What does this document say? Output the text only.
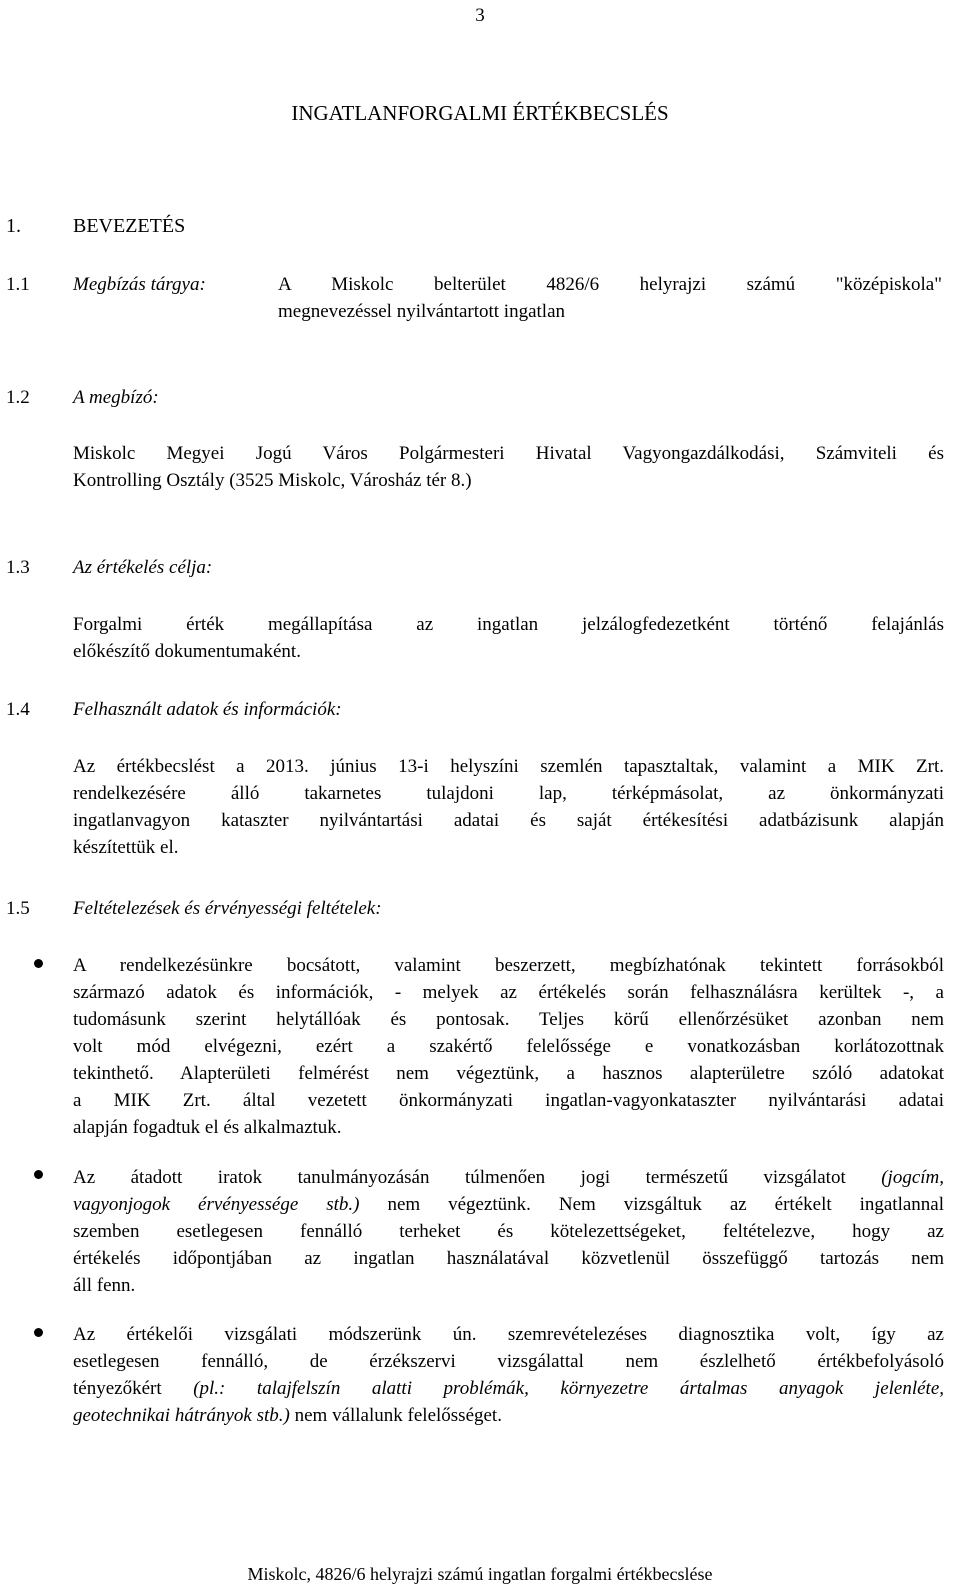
3
INGATLANFORGALMI ÉRTÉKBECSLÉS
1.	BEVEZETÉS
1.1 Megbízás tárgya:	A Miskolc belterület 4826/6 helyrajzi számú "középiskola"
megnevezéssel nyilvántartott ingatlan
1.2 A megbízó:
Miskolc Megyei Jogú Város Polgármesteri Hivatal Vagyongazdálkodási, Számviteli és
Kontrolling Osztály (3525 Miskolc, Városház tér 8.)
1.3 Az értékelés célja:
Forgalmi érték megállapítása az ingatlan jelzálogfedezetként történő felajánlás
előkészítő dokumentumaként.
1.4 Felhasznált adatok és információk:
Az értékbecslést a 2013. június 13-i helyszíni szemlén tapasztaltak, valamint a MIK Zrt.
rendelkezésére álló takarnetes tulajdoni lap, térképmásolat, az önkormányzati
ingatlanvagyon kataszter nyilvántartási adatai és saját értékesítési adatbázisunk alapján
készítettük el.
1.5 Feltételezések és érvényességi feltételek:
A rendelkezésünkre bocsátott, valamint beszerzett, megbízhatónak tekintett forrásokból
származó adatok és információk, - melyek az értékelés során felhasználásra kerültek -, a
tudomásunk szerint helytállóak és pontosak. Teljes körű ellenőrzésüket azonban nem
volt mód elvégezni, ezért a szakértő felelőssége e vonatkozásban korlátozottnak
tekinthető. Alapterületi felmérést nem végeztünk, a hasznos alapterületre szóló adatokat
a MIK Zrt. által vezetett önkormányzati ingatlan-vagyonkataszter nyilvántarási adatai
alapján fogadtuk el és alkalmaztuk.
Az átadott iratok tanulmányozásán túlmenően jogi természetű vizsgálatot (jogcím,
vagyonjogok érvényessége stb.) nem végeztünk. Nem vizsgáltuk az értékelt ingatlannal
szemben esetlegesen fennálló terheket és kötelezettségeket, feltételezve, hogy az
értékelés időpontjában az ingatlan használatával közvetlenül összefüggő tartozás nem
áll fenn.
Az értékelői vizsgálati módszerünk ún. szemrevételezéses diagnosztika volt, így az
esetlegesen fennálló, de érzékszervi vizsgálattal nem észlelhető értékbefolyásoló
tényezőkért (pl.: talajfelszín alatti problémák, környezetre ártalmas anyagok jelenléte,
geotechnikai hátrányok stb.) nem vállalunk felelősséget.
Miskolc, 4826/6 helyrajzi számú ingatlan forgalmi értékbecslése
